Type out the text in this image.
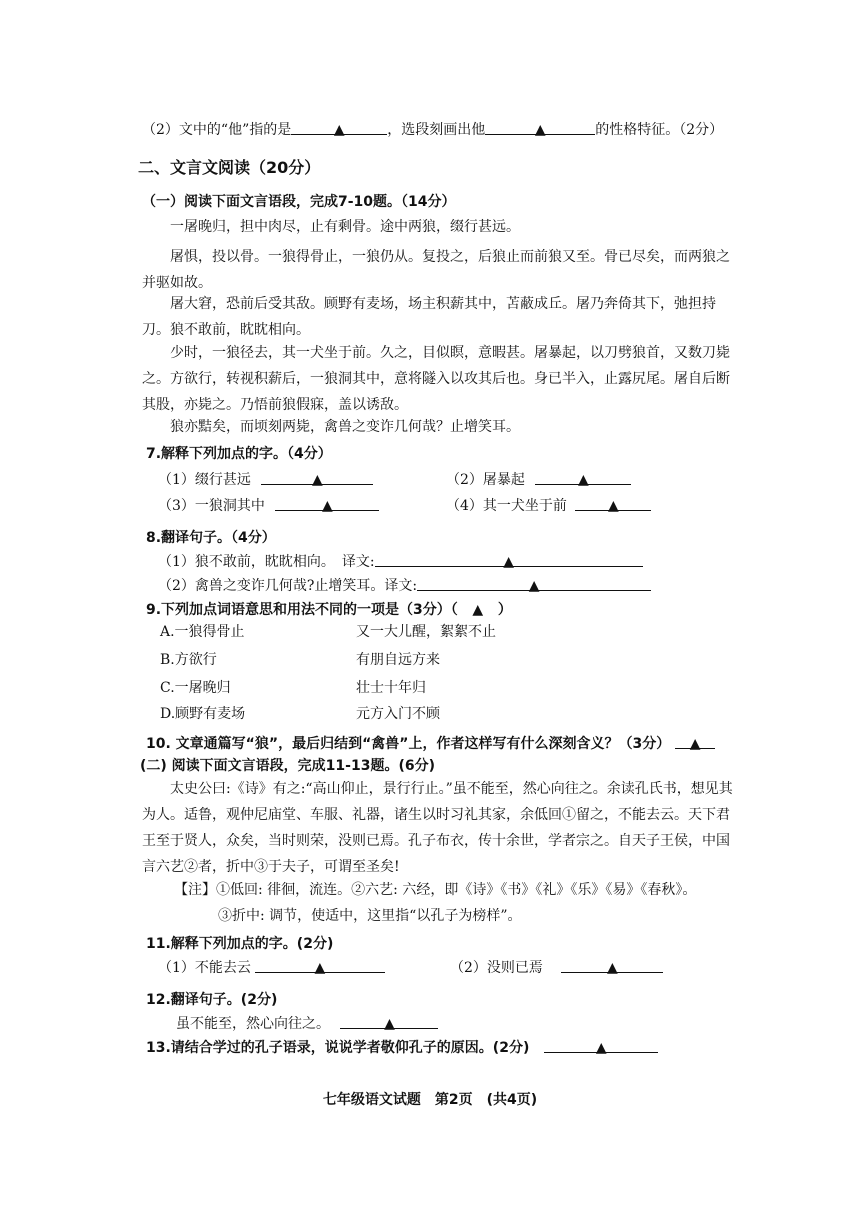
（2）文中的“他”指的是	▲	，选段刻画出他	▲	的性格特征。（2分）
二、文言文阅读（20分）
（一）阅读下面文言语段，完成7-10题。（14分）
一屠晚归，担中肉尽，止有剩骨。途中两狼，缀行甚远。
屠惧，投以骨。一狼得骨止，一狼仍从。复投之，后狼止而前狼又至。骨已尽矣，而两狼之并驱如故。
屠大窘，恐前后受其敌。顾野有麦场，场主积薪其中，苫蔽成丘。屠乃奔倚其下，弛担持刀。狼不敢前，眈眈相向。
少时，一狼径去，其一犬坐于前。久之，目似瞑，意暇甚。屠暴起，以刀劈狼首，又数刀毙之。方欲行，转视积薪后，一狼洞其中，意将隧入以攻其后也。身已半入，止露尻尾。屠自后断其股，亦毙之。乃悟前狼假寐，盖以诱敌。
狼亦黠矣，而顷刻两毙，禽兽之变诈几何哉？止增笑耳。
7.解释下列加点的字。（4分）
（1）缀行甚远	▲	（2）屠暴起	▲
（3）一狼洞其中	▲	（4）其一犬坐于前	▲
8.翻译句子。（4分）
（1）狼不敢前，眈眈相向。　译文:	▲
（2）禽兽之变诈几何哉?止增笑耳。译文:	▲
9.下列加点词语意思和用法不同的一项是（3分）（ ▲ ）
A.一狼得骨止	又一大儿醒，絮絮不止
B.方欲行	有朋自远方来
C.一屠晚归	壮士十年归
D.顾野有麦场	元方入门不顾
10. 文章通篇写“狼”，最后归结到“禽兽”上，作者这样写有什么深刻含义？（3分） ▲
(二) 阅读下面文言语段，完成11-13题。(6分)
太史公曰:《诗》有之:“高山仰止，景行行止。”虽不能至，然心向往之。余读孔氏书，想见其为人。适鲁，观仲尼庙堂、车服、礼器，诸生以时习礼其家，余低回①留之，不能去云。天下君王至于贤人，众矣，当时则荣，没则已焉。孔子布衣，传十余世，学者宗之。自天子王侯，中国言六艺②者，折中③于夫子，可谓至圣矣!
【注】①低回: 徘徊，流连。②六艺: 六经，即《诗》《书》《礼》《乐》《易》《春秋》。
③折中: 调节，使适中，这里指“以孔子为榜样”。
11.解释下列加点的字。(2分)
（1）不能去云	▲	（2）没则已焉	▲
12.翻译句子。(2分)
虽不能至，然心向往之。	▲
13.请结合学过的孔子语录，说说学者敬仰孔子的原因。(2分)	▲
七年级语文试题　第2页　(共4页)
